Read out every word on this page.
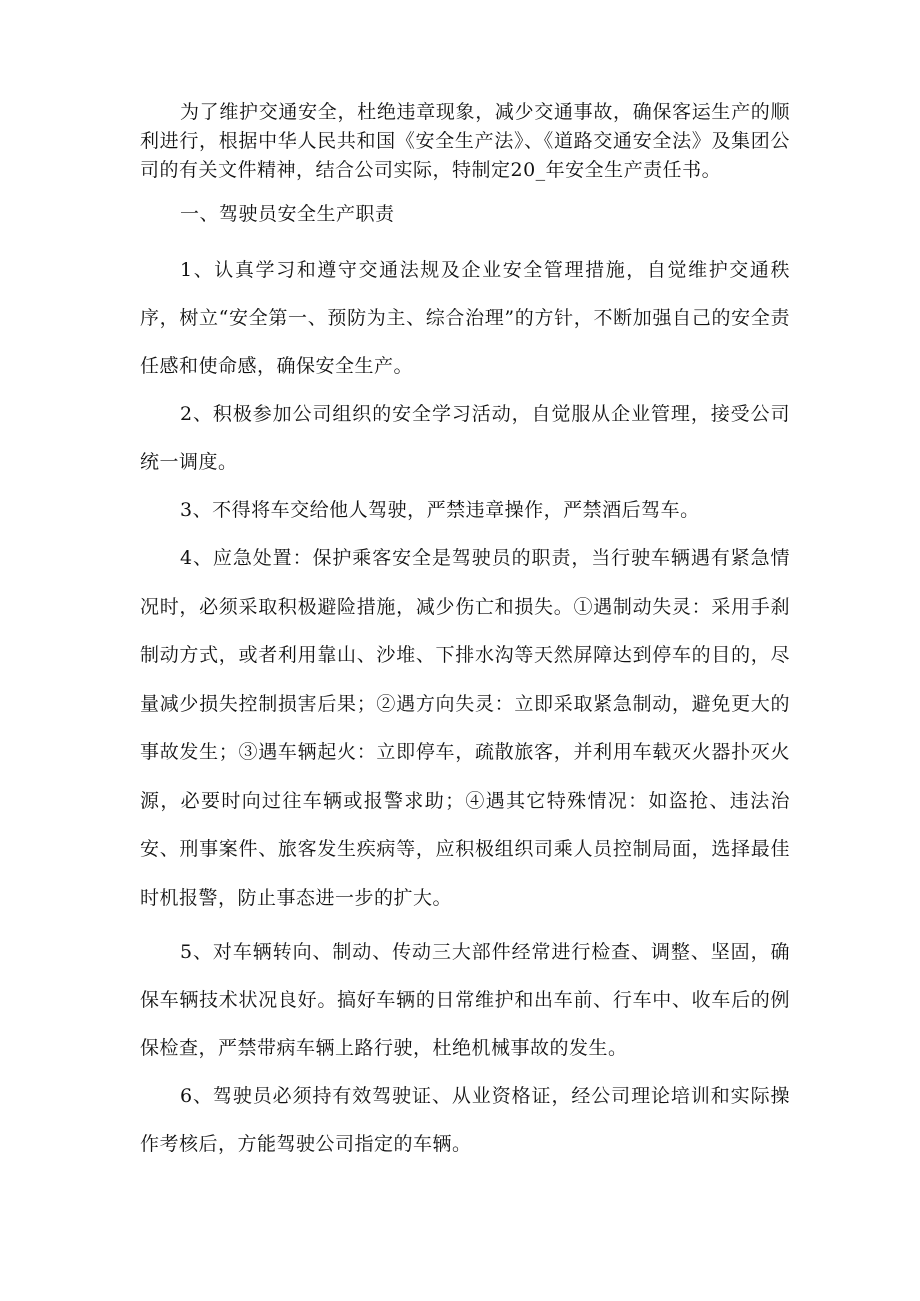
为了维护交通安全，杜绝违章现象，减少交通事故，确保客运生产的顺利进行，根据中华人民共和国《安全生产法》、《道路交通安全法》及集团公司的有关文件精神，结合公司实际，特制定20_年安全生产责任书。

一、驾驶员安全生产职责

1、认真学习和遵守交通法规及企业安全管理措施，自觉维护交通秩序，树立“安全第一、预防为主、综合治理”的方针，不断加强自己的安全责任感和使命感，确保安全生产。

2、积极参加公司组织的安全学习活动，自觉服从企业管理，接受公司统一调度。

3、不得将车交给他人驾驶，严禁违章操作，严禁酒后驾车。

4、应急处置：保护乘客安全是驾驶员的职责，当行驶车辆遇有紧急情况时，必须采取积极避险措施，减少伤亡和损失。①遇制动失灵：采用手刹制动方式，或者利用靠山、沙堆、下排水沟等天然屏障达到停车的目的，尽量减少损失控制损害后果；②遇方向失灵：立即采取紧急制动，避免更大的事故发生；③遇车辆起火：立即停车，疏散旅客，并利用车载灭火器扑灭火源，必要时向过往车辆或报警求助；④遇其它特殊情况：如盗抢、违法治安、刑事案件、旅客发生疾病等，应积极组织司乘人员控制局面，选择最佳时机报警，防止事态进一步的扩大。

5、对车辆转向、制动、传动三大部件经常进行检查、调整、坚固，确保车辆技术状况良好。搞好车辆的日常维护和出车前、行车中、收车后的例保检查，严禁带病车辆上路行驶，杜绝机械事故的发生。

6、驾驶员必须持有效驾驶证、从业资格证，经公司理论培训和实际操作考核后，方能驾驶公司指定的车辆。
